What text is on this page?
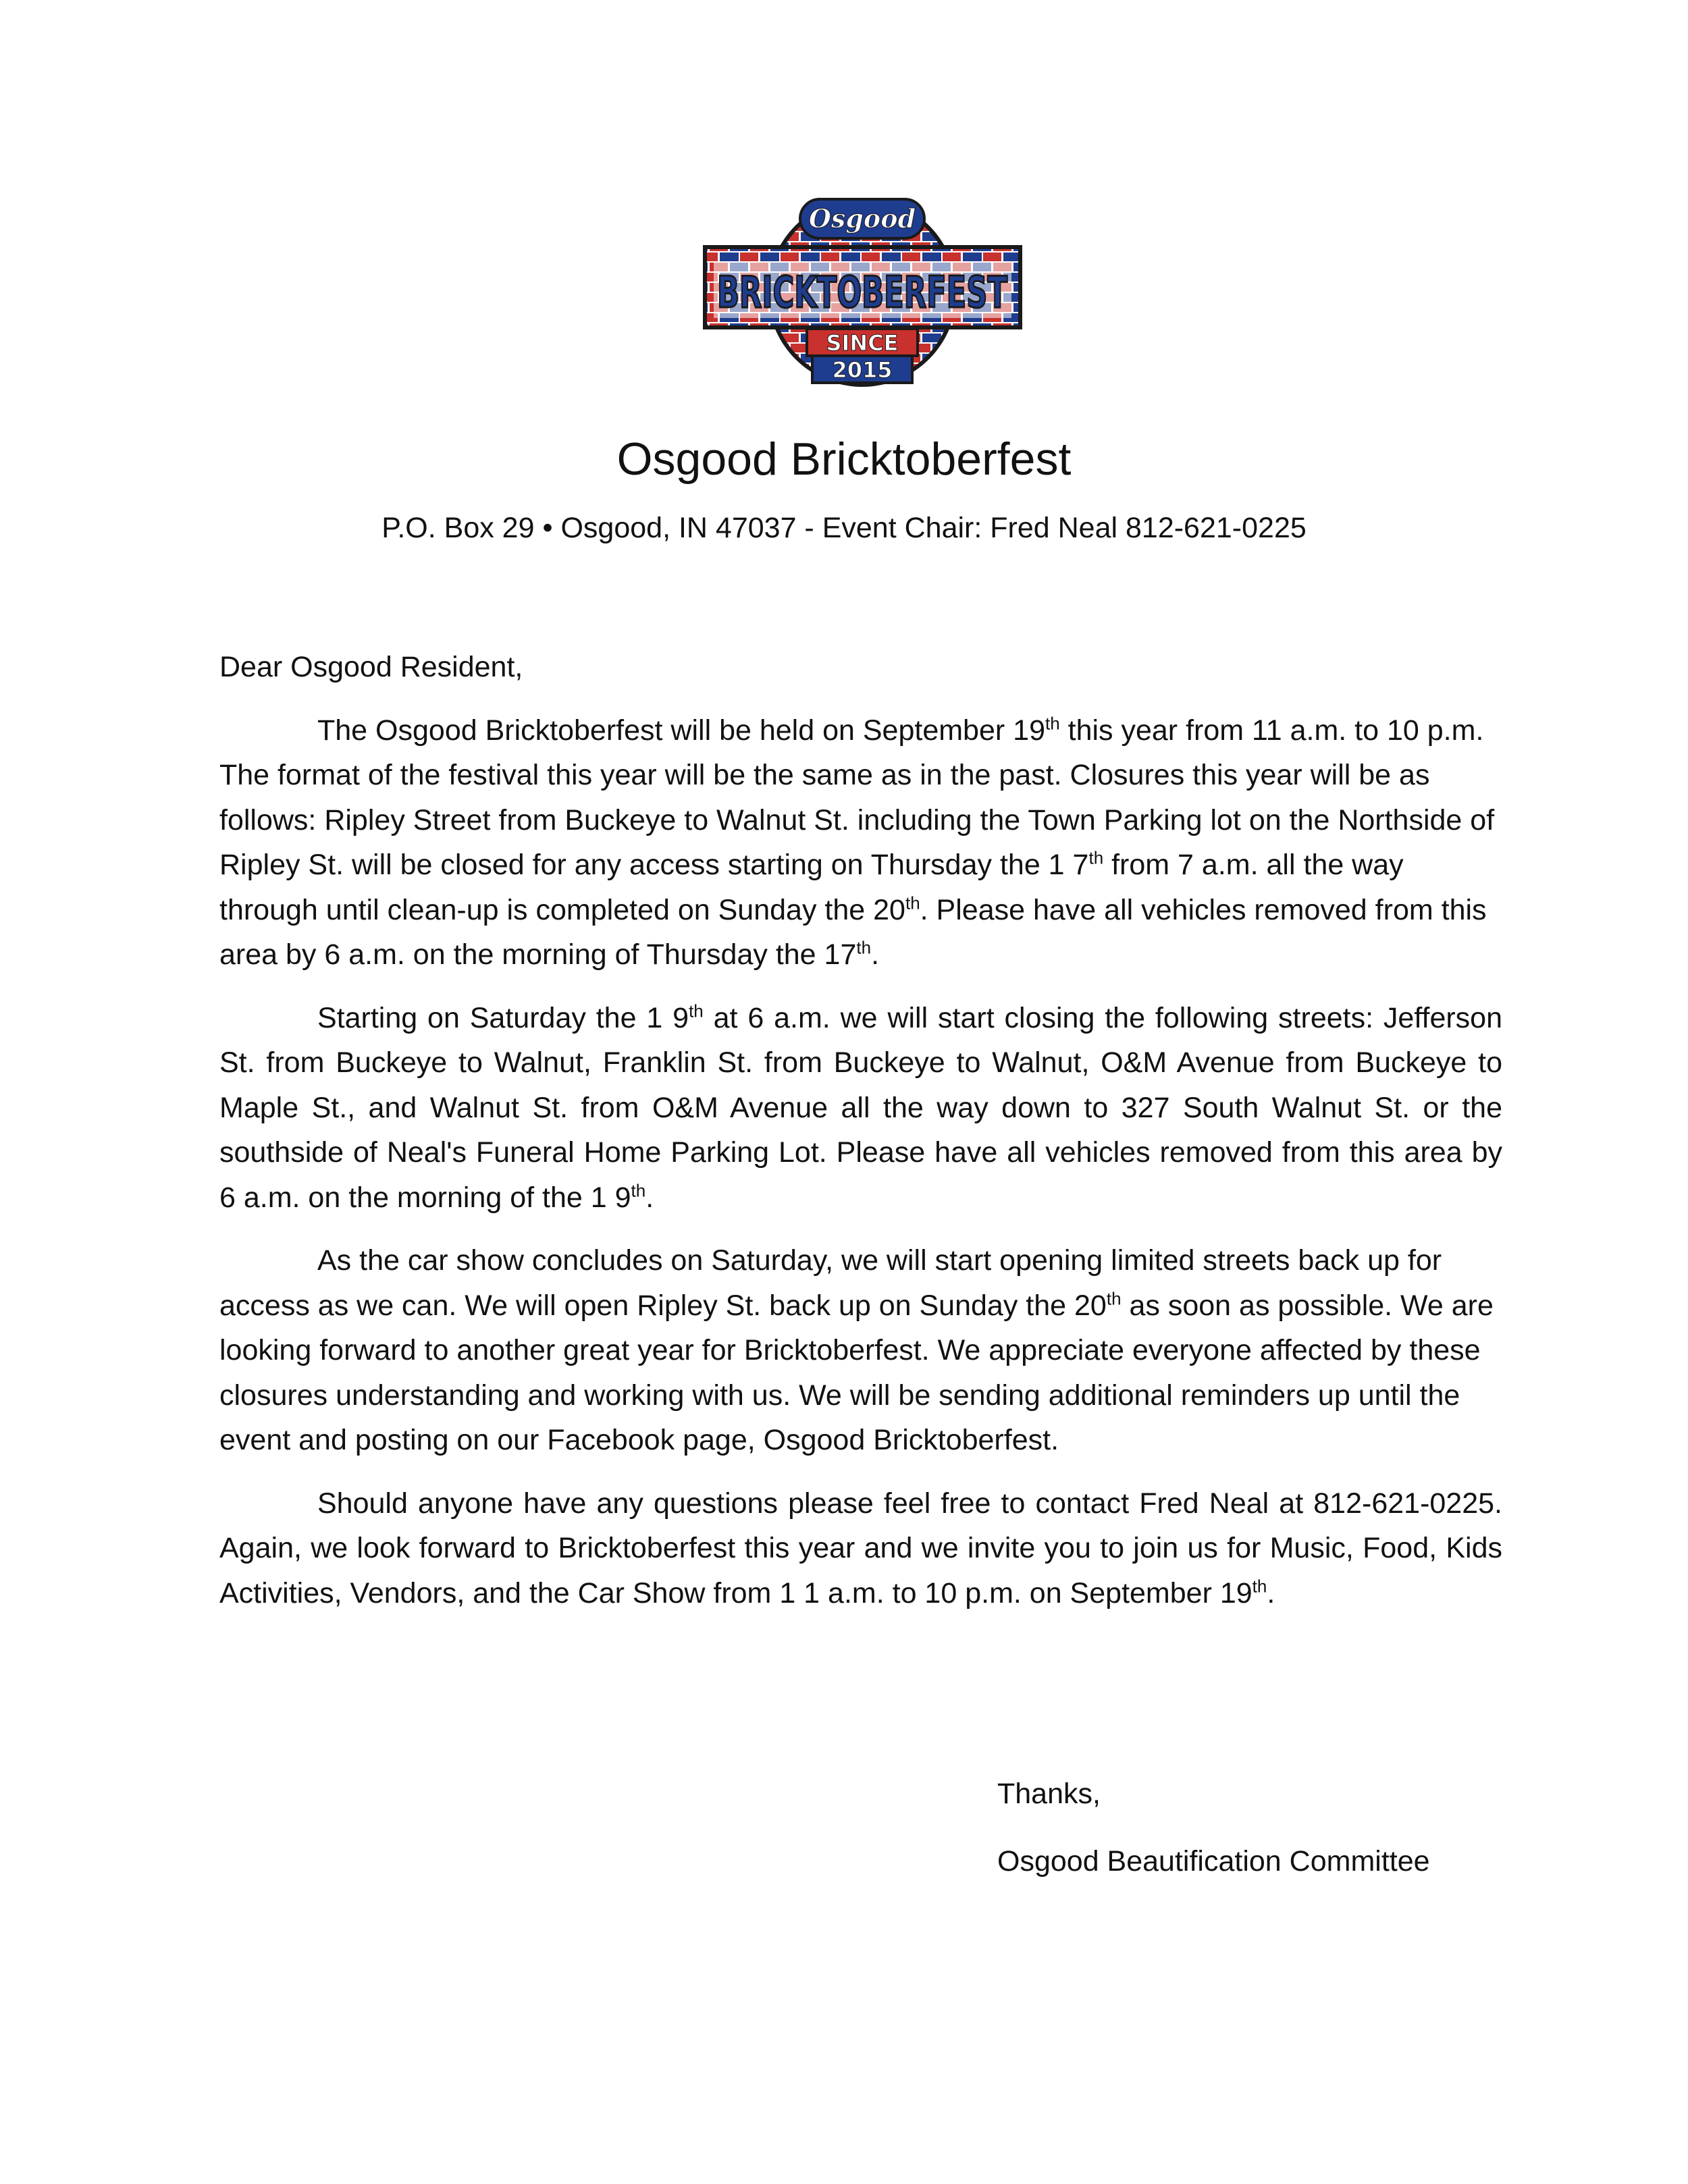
Osgood
BRICKTOBERFEST
SINCE
2015
Osgood Bricktoberfest
P.O. Box 29 • Osgood, IN 47037 - Event Chair: Fred Neal 812-621-0225

Dear Osgood Resident,

The Osgood Bricktoberfest will be held on September 19th this year from 11 a.m. to 10 p.m. The format of the festival this year will be the same as in the past. Closures this year will be as follows: Ripley Street from Buckeye to Walnut St. including the Town Parking lot on the Northside of Ripley St. will be closed for any access starting on Thursday the 1 7th from 7 a.m. all the way through until clean-up is completed on Sunday the 20th. Please have all vehicles removed from this area by 6 a.m. on the morning of Thursday the 17th.

Starting on Saturday the 1 9th at 6 a.m. we will start closing the following streets: Jefferson St. from Buckeye to Walnut, Franklin St. from Buckeye to Walnut, O&M Avenue from Buckeye to Maple St., and Walnut St. from O&M Avenue all the way down to 327 South Walnut St. or the southside of Neal's Funeral Home Parking Lot. Please have all vehicles removed from this area by 6 a.m. on the morning of the 1 9th.

As the car show concludes on Saturday, we will start opening limited streets back up for access as we can. We will open Ripley St. back up on Sunday the 20th as soon as possible. We are looking forward to another great year for Bricktoberfest. We appreciate everyone affected by these closures understanding and working with us. We will be sending additional reminders up until the event and posting on our Facebook page, Osgood Bricktoberfest.

Should anyone have any questions please feel free to contact Fred Neal at 812-621-0225. Again, we look forward to Bricktoberfest this year and we invite you to join us for Music, Food, Kids Activities, Vendors, and the Car Show from 1 1 a.m. to 10 p.m. on September 19th.

Thanks,
Osgood Beautification Committee
